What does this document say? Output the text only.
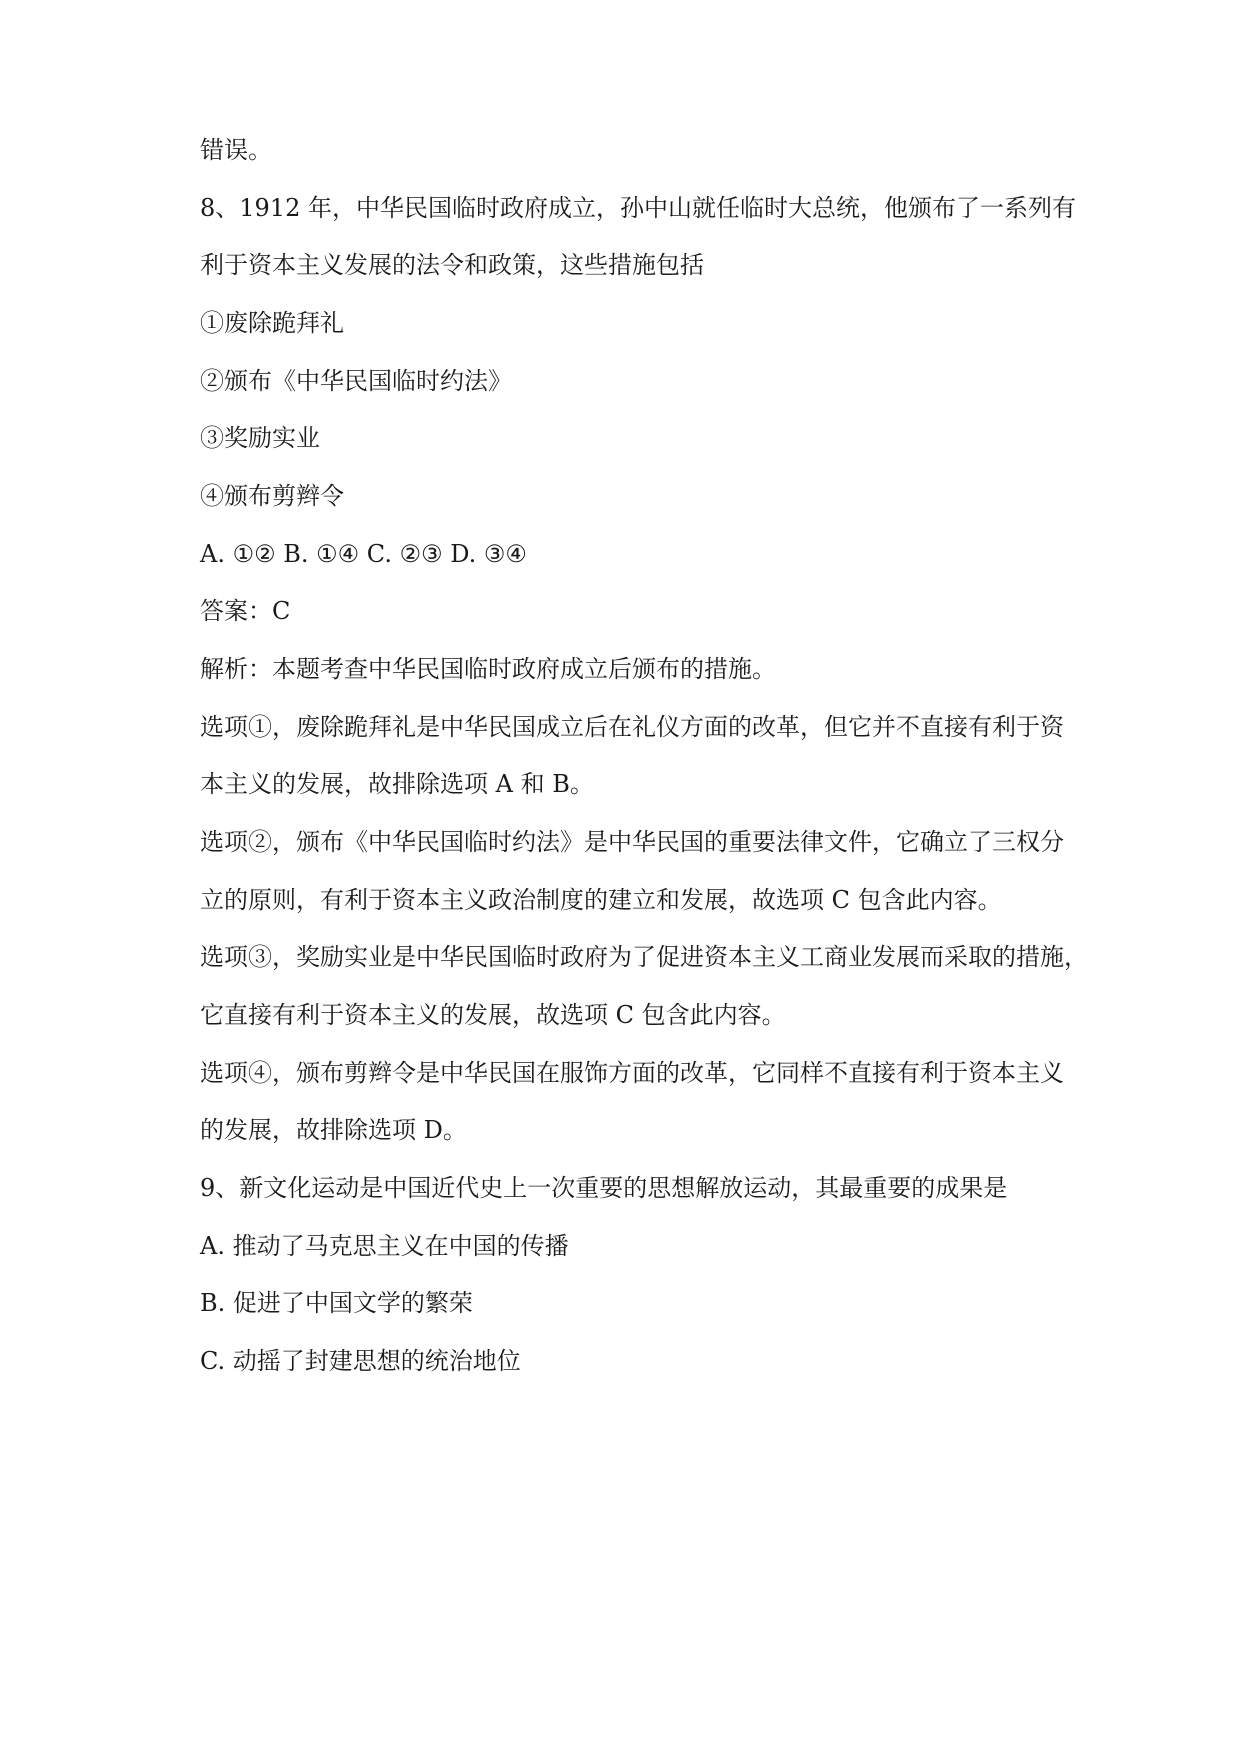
错误。
8、1912 年，中华民国临时政府成立，孙中山就任临时大总统，他颁布了一系列有
利于资本主义发展的法令和政策，这些措施包括
①废除跪拜礼
②颁布《中华民国临时约法》
③奖励实业
④颁布剪辫令
A. ①② B. ①④ C. ②③ D. ③④
答案：C
解析：本题考查中华民国临时政府成立后颁布的措施。
选项①，废除跪拜礼是中华民国成立后在礼仪方面的改革，但它并不直接有利于资
本主义的发展，故排除选项 A 和 B。
选项②，颁布《中华民国临时约法》是中华民国的重要法律文件，它确立了三权分
立的原则，有利于资本主义政治制度的建立和发展，故选项 C 包含此内容。
选项③，奖励实业是中华民国临时政府为了促进资本主义工商业发展而采取的措施，
它直接有利于资本主义的发展，故选项 C 包含此内容。
选项④，颁布剪辫令是中华民国在服饰方面的改革，它同样不直接有利于资本主义
的发展，故排除选项 D。
9、新文化运动是中国近代史上一次重要的思想解放运动，其最重要的成果是
A. 推动了马克思主义在中国的传播
B. 促进了中国文学的繁荣
C. 动摇了封建思想的统治地位
